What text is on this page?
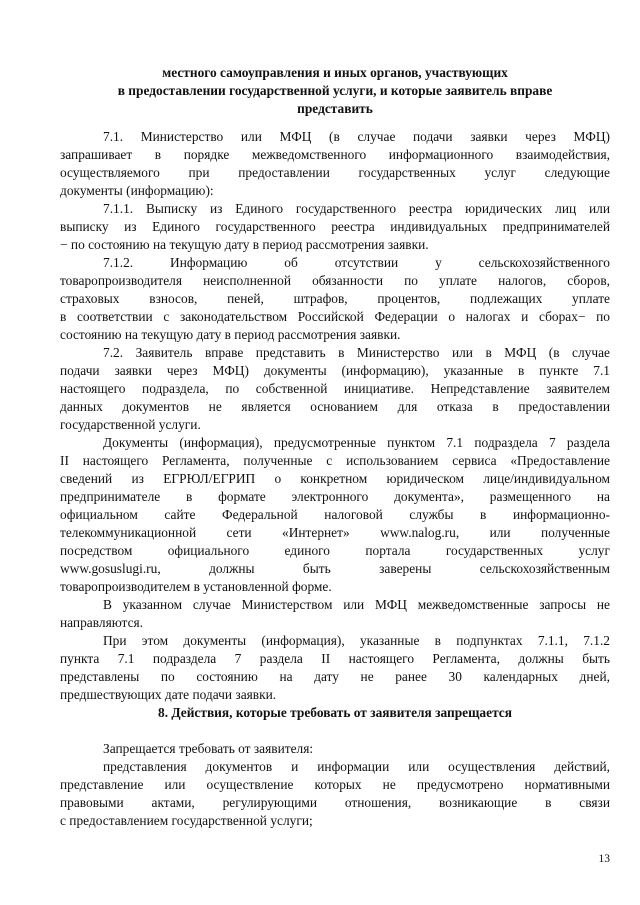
местного самоуправления и иных органов, участвующих
в предоставлении государственной услуги, и которые заявитель вправе
представить
7.1. Министерство или МФЦ (в случае подачи заявки через МФЦ)
запрашивает в порядке межведомственного информационного взаимодействия,
осуществляемого при предоставлении государственных услуг следующие
документы (информацию):
7.1.1. Выписку из Единого государственного реестра юридических лиц или
выписку из Единого государственного реестра индивидуальных предпринимателей
− по состоянию на текущую дату в период рассмотрения заявки.
7.1.2. Информацию об отсутствии у сельскохозяйственного
товаропроизводителя неисполненной обязанности по уплате налогов, сборов,
страховых взносов, пеней, штрафов, процентов, подлежащих уплате
в соответствии с законодательством Российской Федерации о налогах и сборах− по
состоянию на текущую дату в период рассмотрения заявки.
7.2. Заявитель вправе представить в Министерство или в МФЦ (в случае
подачи заявки через МФЦ) документы (информацию), указанные в пункте 7.1
настоящего подраздела, по собственной инициативе. Непредставление заявителем
данных документов не является основанием для отказа в предоставлении
государственной услуги.
Документы (информация), предусмотренные пунктом 7.1 подраздела 7 раздела
II настоящего Регламента, полученные с использованием сервиса «Предоставление
сведений из ЕГРЮЛ/ЕГРИП о конкретном юридическом лице/индивидуальном
предпринимателе в формате электронного документа», размещенного на
официальном сайте Федеральной налоговой службы в информационно-
телекоммуникационной сети «Интернет» www.nalog.ru, или полученные
посредством официального единого портала государственных услуг
www.gosuslugi.ru, должны быть заверены сельскохозяйственным
товаропроизводителем в установленной форме.
В указанном случае Министерством или МФЦ межведомственные запросы не
направляются.
При этом документы (информация), указанные в подпунктах 7.1.1, 7.1.2
пункта 7.1 подраздела 7 раздела II настоящего Регламента, должны быть
представлены по состоянию на дату не ранее 30 календарных дней,
предшествующих дате подачи заявки.
8. Действия, которые требовать от заявителя запрещается
Запрещается требовать от заявителя:
представления документов и информации или осуществления действий,
представление или осуществление которых не предусмотрено нормативными
правовыми актами, регулирующими отношения, возникающие в связи
с предоставлением государственной услуги;
13
